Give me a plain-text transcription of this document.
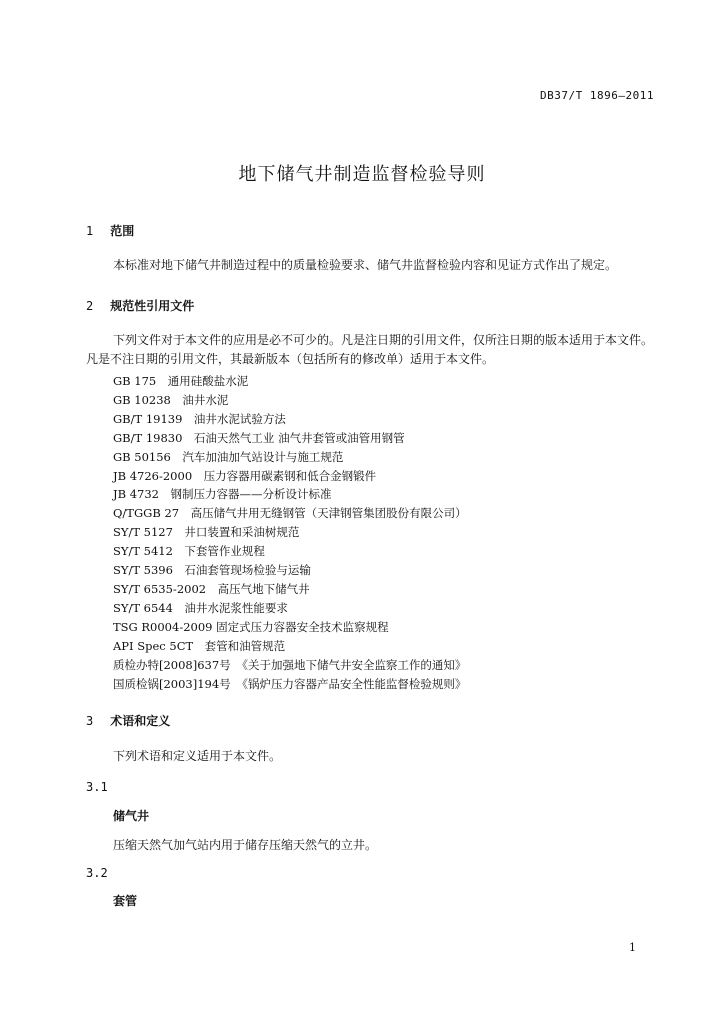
DB37/T 1896—2011
地下储气井制造监督检验导则
1 范围
本标准对地下储气井制造过程中的质量检验要求、储气井监督检验内容和见证方式作出了规定。
2 规范性引用文件
下列文件对于本文件的应用是必不可少的。凡是注日期的引用文件，仅所注日期的版本适用于本文件。凡是不注日期的引用文件，其最新版本（包括所有的修改单）适用于本文件。
GB 175　通用硅酸盐水泥
GB 10238　油井水泥
GB/T 19139　油井水泥试验方法
GB/T 19830　石油天然气工业 油气井套管或油管用钢管
GB 50156　汽车加油加气站设计与施工规范
JB 4726-2000　压力容器用碳素钢和低合金钢锻件
JB 4732　钢制压力容器——分析设计标准
Q/TGGB 27　高压储气井用无缝钢管（天津钢管集团股份有限公司）
SY/T 5127　井口装置和采油树规范
SY/T 5412　下套管作业规程
SY/T 5396　石油套管现场检验与运输
SY/T 6535-2002　高压气地下储气井
SY/T 6544　油井水泥浆性能要求
TSG R0004-2009 固定式压力容器安全技术监察规程
API Spec 5CT　套管和油管规范
质检办特[2008]637号　《关于加强地下储气井安全监察工作的通知》
国质检锅[2003]194号　《锅炉压力容器产品安全性能监督检验规则》
3 术语和定义
下列术语和定义适用于本文件。
3.1
储气井
压缩天然气加气站内用于储存压缩天然气的立井。
3.2
套管
1
